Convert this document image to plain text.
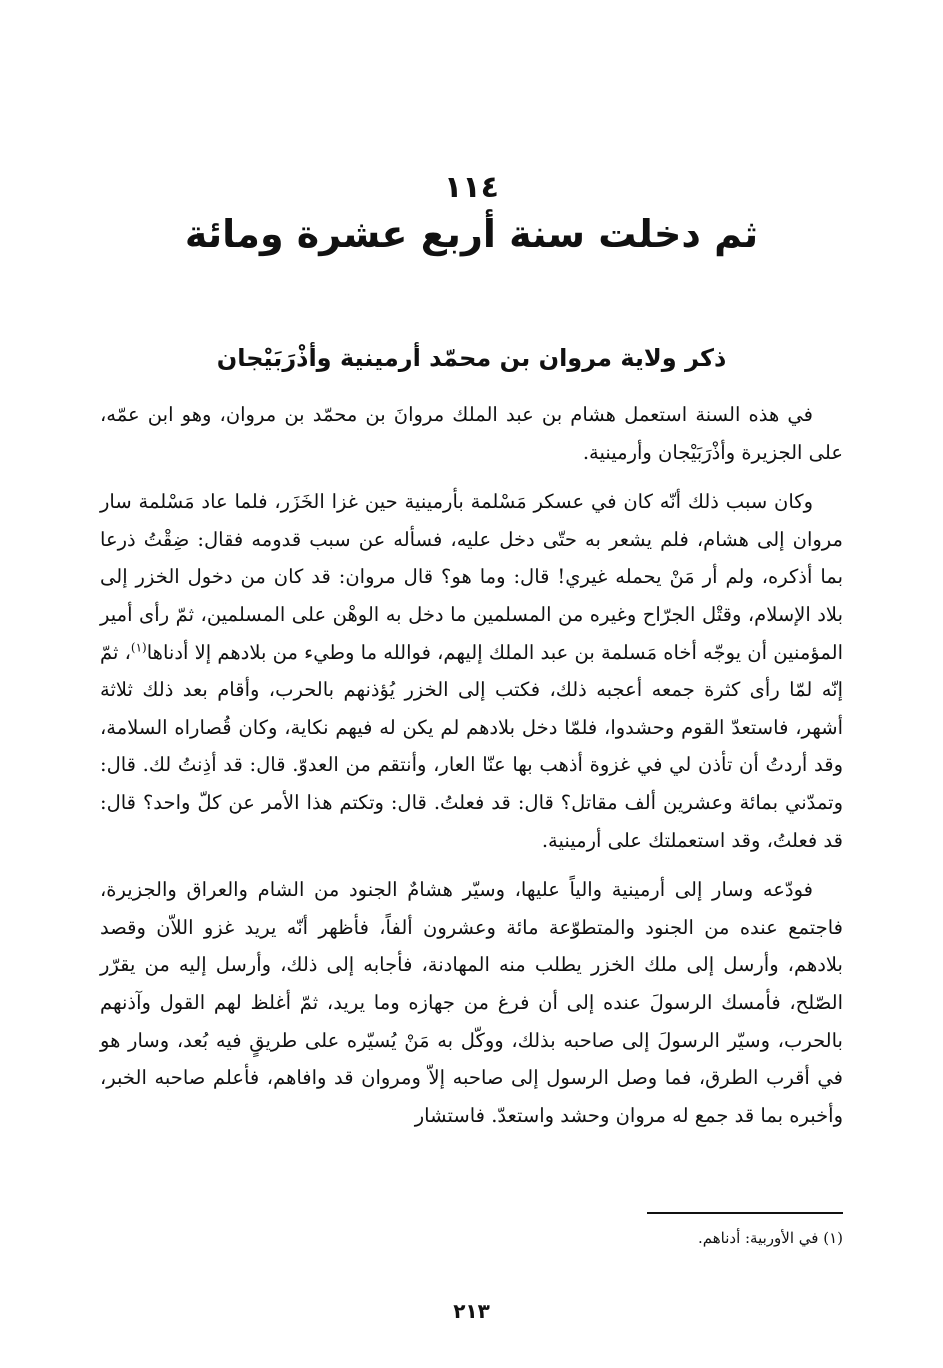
١١٤
ثم دخلت سنة أربع عشرة ومائة
ذكر ولاية مروان بن محمّد أرمينية وأذْرَبَيْجان

في هذه السنة استعمل هشام بن عبد الملك مروانَ بن محمّد بن مروان، وهو ابن عمّه، على الجزيرة وأذْرَبَيْجان وأرمينية.

وكان سبب ذلك أنّه كان في عسكر مَسْلمة بأرمينية حين غزا الخَزَر، فلما عاد مَسْلمة سار مروان إلى هشام، فلم يشعر به حتّى دخل عليه، فسأله عن سبب قدومه فقال: ضِقْتُ ذرعا بما أذكره، ولم أر مَنْ يحمله غيري! قال: وما هو؟ قال مروان: قد كان من دخول الخزر إلى بلاد الإسلام، وقتْل الجرّاح وغيره من المسلمين ما دخل به الوهْن على المسلمين، ثمّ رأى أمير المؤمنين أن يوجّه أخاه مَسلمة بن عبد الملك إليهم، فوالله ما وطيء من بلادهم إلا أدناها$^{(١)}$، ثمّ إنّه لمّا رأى كثرة جمعه أعجبه ذلك، فكتب إلى الخزر يُؤذنهم بالحرب، وأقام بعد ذلك ثلاثة أشهر، فاستعدّ القوم وحشدوا، فلمّا دخل بلادهم لم يكن له فيهم نكاية، وكان قُصاراه السلامة، وقد أردتُ أن تأذن لي في غزوة أذهب بها عنّا العار، وأنتقم من العدوّ. قال: قد أذِنتُ لك. قال: وتمدّني بمائة وعشرين ألف مقاتل؟ قال: قد فعلتُ. قال: وتكتم هذا الأمر عن كلّ واحد؟ قال: قد فعلتُ، وقد استعملتك على أرمينية.

فودّعه وسار إلى أرمينية والياً عليها، وسيّر هشامٌ الجنود من الشام والعراق والجزيرة، فاجتمع عنده من الجنود والمتطوّعة مائة وعشرون ألفاً، فأظهر أنّه يريد غزو اللاّن وقصد بلادهم، وأرسل إلى ملك الخزر يطلب منه المهادنة، فأجابه إلى ذلك، وأرسل إليه من يقرّر الصّلح، فأمسك الرسولَ عنده إلى أن فرغ من جهازه وما يريد، ثمّ أغلظ لهم القول وآذنهم بالحرب، وسيّر الرسولَ إلى صاحبه بذلك، ووكّل به مَنْ يُسيّره على طريقٍ فيه بُعد، وسار هو في أقرب الطرق، فما وصل الرسول إلى صاحبه إلاّ ومروان قد وافاهم، فأعلم صاحبه الخبر، وأخبره بما قد جمع له مروان وحشد واستعدّ. فاستشار

(١) في الأوربية: أدناهم.
٢١٣
